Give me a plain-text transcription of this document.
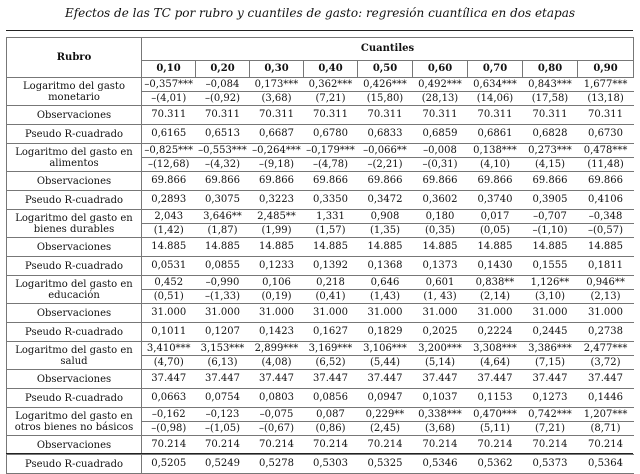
Efectos de las TC por rubro y cuantiles de gasto: regresión cuantílica en dos etapas
Rubro	Cuantiles								
	0,10	0,20	0,30	0,40	0,50	0,60	0,70	0,80	0,90
Logaritmo del gasto monetario	–0,357***	–0,084	0,173***	0,362***	0,426***	0,492***	0,634***	0,843***	1,677***
	–(4,01)	–(0,92)	(3,68)	(7,21)	(15,80)	(28,13)	(14,06)	(17,58)	(13,18)
Observaciones	70.311	70.311	70.311	70.311	70.311	70.311	70.311	70.311	70.311
Pseudo R-cuadrado	0,6165	0,6513	0,6687	0,6780	0,6833	0,6859	0,6861	0,6828	0,6730
Logaritmo del gasto en alimentos	–0,825***	–0,553***	–0,264***	–0,179***	–0,066**	–0,008	0,138***	0,273***	0,478***
	–(12,68)	–(4,32)	–(9,18)	–(4,78)	–(2,21)	–(0,31)	(4,10)	(4,15)	(11,48)
Observaciones	69.866	69.866	69.866	69.866	69.866	69.866	69.866	69.866	69.866
Pseudo R-cuadrado	0,2893	0,3075	0,3223	0,3350	0,3472	0,3602	0,3740	0,3905	0,4106
Logaritmo del gasto en bienes durables	2,043	3,646**	2,485**	1,331	0,908	0,180	0,017	–0,707	–0,348
	(1,42)	(1,87)	(1,99)	(1,57)	(1,35)	(0,35)	(0,05)	–(1,10)	–(0,57)
Observaciones	14.885	14.885	14.885	14.885	14.885	14.885	14.885	14.885	14.885
Pseudo R-cuadrado	0,0531	0,0855	0,1233	0,1392	0,1368	0,1373	0,1430	0,1555	0,1811
Logaritmo del gasto en educación	0,452	–0,990	0,106	0,218	0,646	0,601	0,838**	1,126**	0,946**
	(0,51)	–(1,33)	(0,19)	(0,41)	(1,43)	(1, 43)	(2,14)	(3,10)	(2,13)
Observaciones	31.000	31.000	31.000	31.000	31.000	31.000	31.000	31.000	31.000
Pseudo R-cuadrado	0,1011	0,1207	0,1423	0,1627	0,1829	0,2025	0,2224	0,2445	0,2738
Logaritmo del gasto en salud	3,410***	3,153***	2,899***	3,169***	3,106***	3,200***	3,308***	3,386***	2,477***
	(4,70)	(6,13)	(4,08)	(6,52)	(5,44)	(5,14)	(4,64)	(7,15)	(3,72)
Observaciones	37.447	37.447	37.447	37.447	37.447	37.447	37.447	37.447	37.447
Pseudo R-cuadrado	0,0663	0,0754	0,0803	0,0856	0,0947	0,1037	0,1153	0,1273	0,1446
Logaritmo del gasto en otros bienes no básicos	–0,162	–0,123	–0,075	0,087	0,229**	0,338***	0,470***	0,742***	1,207***
	–(0,98)	–(1,05)	–(0,67)	(0,86)	(2,45)	(3,68)	(5,11)	(7,21)	(8,71)
Observaciones	70.214	70.214	70.214	70.214	70.214	70.214	70.214	70.214	70.214
Pseudo R-cuadrado	0,5205	0,5249	0,5278	0,5303	0,5325	0,5346	0,5362	0,5373	0,5364
